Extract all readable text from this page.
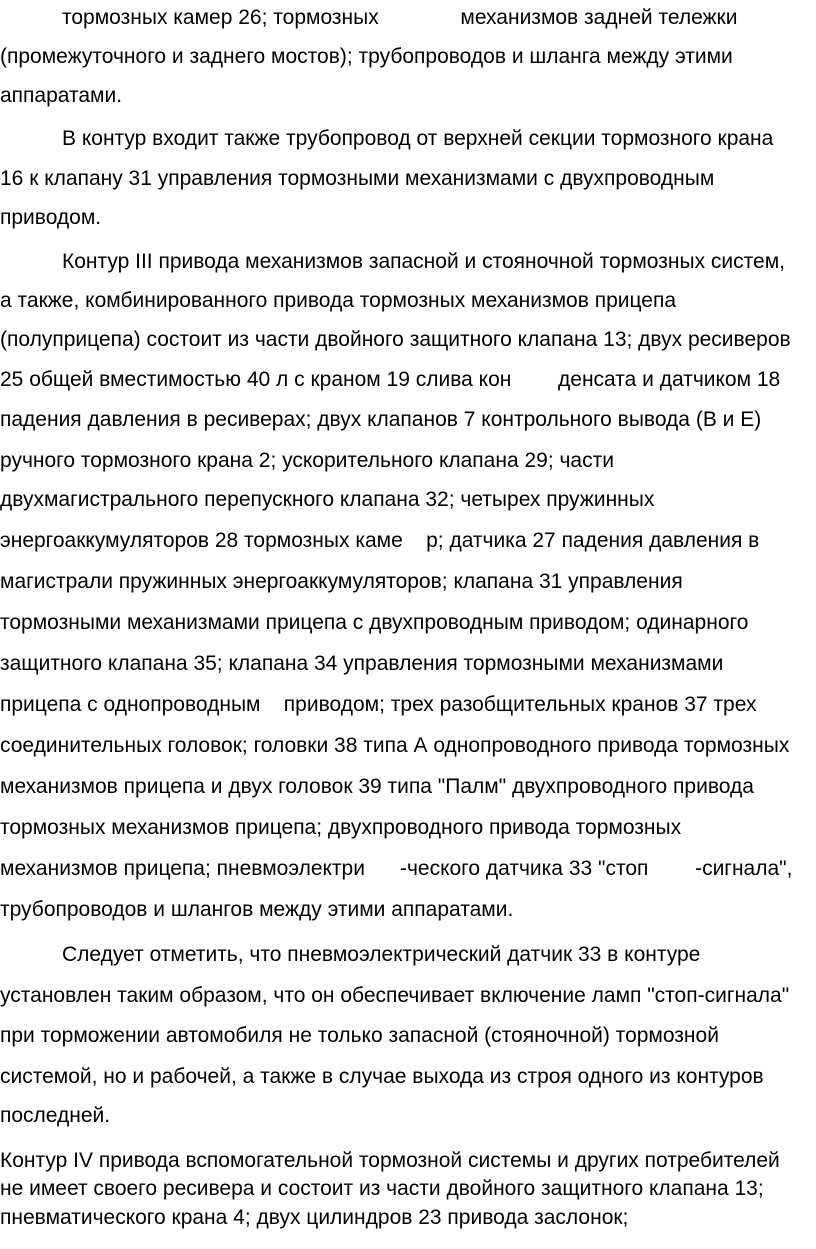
тормозных камер 26; тормозных              механизмов задней тележки
(промежуточного и заднего мостов); трубопроводов и шланга между этими
аппаратами.
В контур входит также трубопровод от верхней секции тормозного крана
16 к клапану 31 управления тормозными механизмами с двухпроводным
приводом.
Контур III привода механизмов запасной и стояночной тормозных систем,
а также, комбинированного привода тормозных механизмов прицепа
(полуприцепа) состоит из части двойного защитного клапана 13; двух ресиверов
25 общей вместимостью 40 л с краном 19 слива кон        денсата и датчиком 18
падения давления в ресиверах; двух клапанов 7 контрольного вывода (В и Е)
ручного тормозного крана 2; ускорительного клапана 29; части
двухмагистрального перепускного клапана 32; четырех пружинных
энергоаккумуляторов 28 тормозных каме    р; датчика 27 падения давления в
магистрали пружинных энергоаккумуляторов; клапана 31 управления
тормозными механизмами прицепа с двухпроводным приводом; одинарного
защитного клапана 35; клапана 34 управления тормозными механизмами
прицепа с однопроводным    приводом; трех разобщительных кранов 37 трех
соединительных головок; головки 38 типа А однопроводного привода тормозных
механизмов прицепа и двух головок 39 типа "Палм" двухпроводного привода
тормозных механизмов прицепа; двухпроводного привода тормозных
механизмов прицепа; пневмоэлектри      -ческого датчика 33 "стоп        -сигнала",
трубопроводов и шлангов между этими аппаратами.
Следует отметить, что пневмоэлектрический датчик 33 в контуре
установлен таким образом, что он обеспечивает включение ламп "стоп-сигнала"
при торможении автомобиля не только запасной (стояночной) тормозной
системой, но и рабочей, а также в случае выхода из строя одного из контуров
последней.
Контур IV привода вспомогательной тормозной системы и других потребителей
не имеет своего ресивера и состоит из части двойного защитного клапана 13;
пневматического крана 4; двух цилиндров 23 привода заслонок;
